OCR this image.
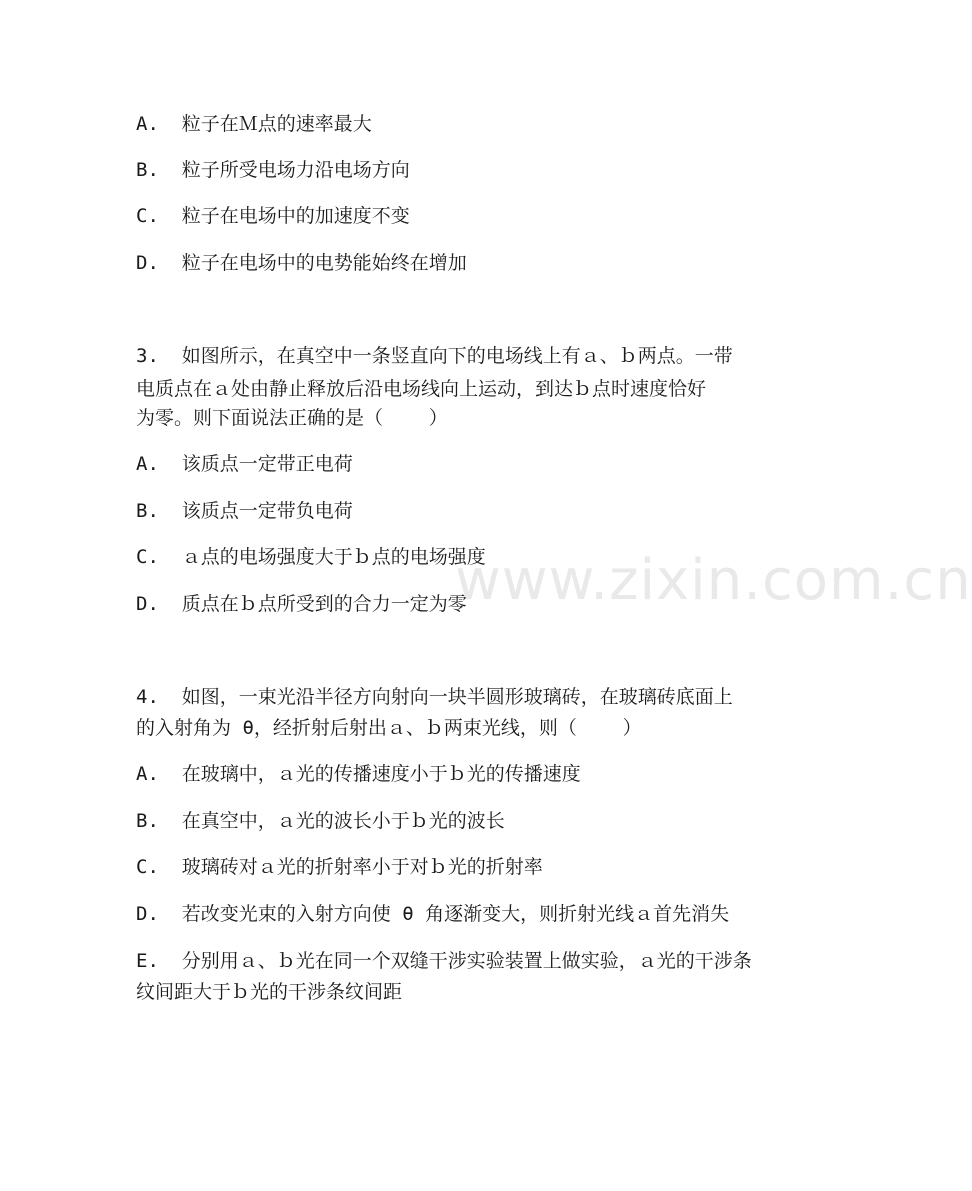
www.zixin.com.cn
A.  粒子在Ｍ点的速率最大
B.  粒子所受电场力沿电场方向
C.  粒子在电场中的加速度不变
D.  粒子在电场中的电势能始终在增加
3.  如图所示，在真空中一条竖直向下的电场线上有ａ、ｂ两点。一带
电质点在ａ处由静止释放后沿电场线向上运动，到达ｂ点时速度恰好
为零。则下面说法正确的是（    ）
A.  该质点一定带正电荷
B.  该质点一定带负电荷
C.  ａ点的电场强度大于ｂ点的电场强度
D.  质点在ｂ点所受到的合力一定为零
4.  如图，一束光沿半径方向射向一块半圆形玻璃砖，在玻璃砖底面上
的入射角为 θ，经折射后射出ａ、ｂ两束光线，则（    ）
A.  在玻璃中，ａ光的传播速度小于ｂ光的传播速度
B.  在真空中，ａ光的波长小于ｂ光的波长
C.  玻璃砖对ａ光的折射率小于对ｂ光的折射率
D.  若改变光束的入射方向使 θ 角逐渐变大，则折射光线ａ首先消失
E.  分别用ａ、ｂ光在同一个双缝干涉实验装置上做实验，ａ光的干涉条
纹间距大于ｂ光的干涉条纹间距
